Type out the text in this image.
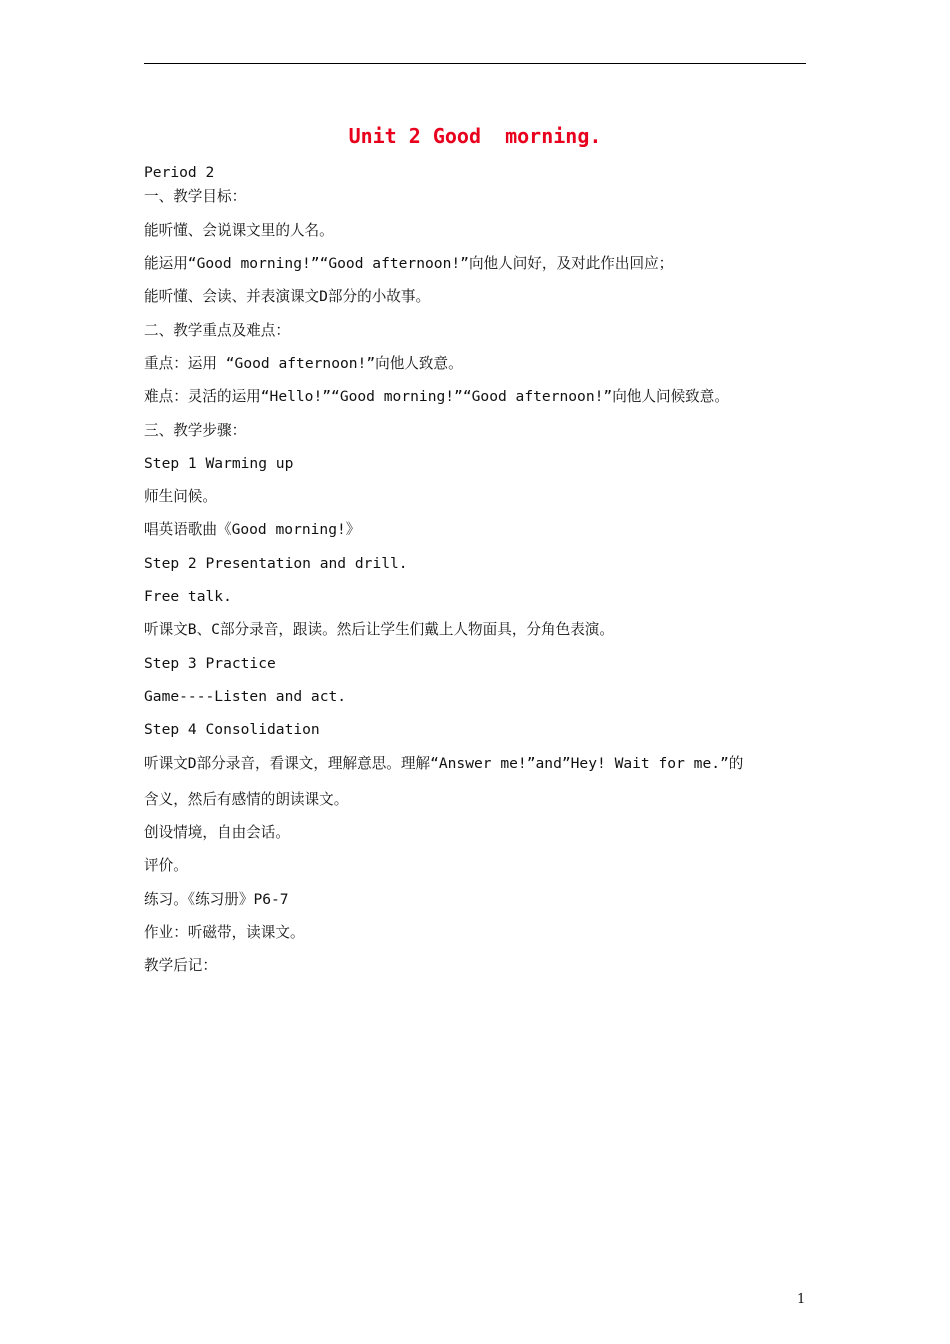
Unit 2 Good  morning.
Period 2
一、教学目标：
能听懂、会说课文里的人名。
能运用“Good morning!”“Good afternoon!”向他人问好，及对此作出回应；
能听懂、会读、并表演课文D部分的小故事。
二、教学重点及难点：
重点：运用 “Good afternoon!”向他人致意。
难点：灵活的运用“Hello!”“Good morning!”“Good afternoon!”向他人问候致意。
三、教学步骤：
Step 1 Warming up
师生问候。
唱英语歌曲《Good morning!》
Step 2 Presentation and drill.
Free talk.
听课文B、C部分录音，跟读。然后让学生们戴上人物面具，分角色表演。
Step 3 Practice
Game----Listen and act.
Step 4 Consolidation
听课文D部分录音，看课文，理解意思。理解“Answer me!”and”Hey! Wait for me.”的
含义，然后有感情的朗读课文。
创设情境，自由会话。
评价。
练习。《练习册》P6-7
作业：听磁带，读课文。
教学后记：
1
